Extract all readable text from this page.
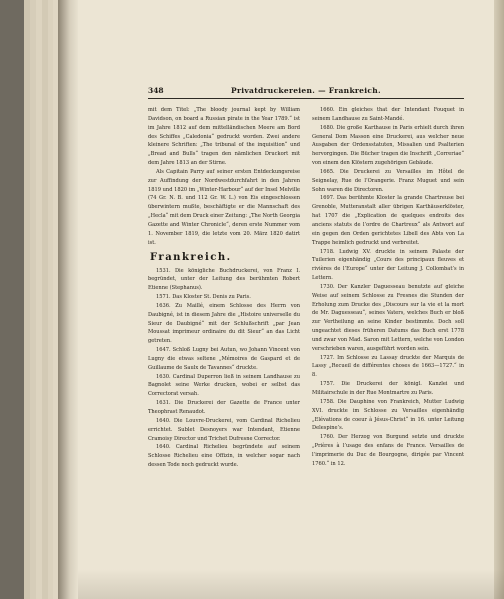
348	Privatdruckereien. — Frankreich.

mit dem Titel: „The bloody journal kept by William Davidson, on board a Russian pirate in the Year 1789.“ ist im Jahre 1812 auf dem mittelländischen Meere am Bord des Schiffes „Caledonia“ gedruckt worden. Zwei andere kleinere Schriften: „The tribunal of the inquisition“ und „Bread and Bulls“ tragen den nämlichen Druckort mit dem Jahre 1813 an der Stirne.

Als Capitain Parry auf seiner ersten Entdeckungsreise zur Auffindung der Nordwestdurchfahrt in den Jahren 1819 und 1820 im „Winter-Harbour“ auf der Insel Melville (74 Gr. N. B. und 112 Gr. W. L.) von Eis eingeschlossen überwintern mußte, beschäftigte er die Mannschaft des „Hecla“ mit dem Druck einer Zeitung: „The North Georgia Gazette and Winter Chronicle“, deren erste Nummer vom 1. November 1819, die letzte vom 20. März 1820 datirt ist.

Frankreich.

1531. Die königliche Buchdruckerei, von Franz I. begründet, unter der Leitung des berühmten Robert Etienne (Stephanus).

1571. Das Kloster St. Denis zu Paris.

1636. Zu Maillé, einem Schlosse des Herrn von Daubigné, ist in diesem Jahre die „Histoire universelle du Sieur de Daubigné“ mit der Schlußschrift „par Jean Moussat imprimeur ordinaire du dit Sieur“ an das Licht getreten.

1647. Schloß Lugny bei Autun, wo Johann Vincent von Lugny die etwas seltene „Mémoires de Gaspard et de Guillaume de Saulx de Tavannes“ druckte.

1630. Cardinal Duperron ließ in seinem Landhause zu Bagnolet seine Werke drucken, wobei er selbst das Correctorat versah.

1631. Die Druckerei der Gazette de France unter Theophrast Renaudot.

1640. Die Louvre-Druckerei, vom Cardinal Richelieu errichtet. Sublet Desnoyers war Intendant, Etienne Cramoisy Director und Trichet Dufresne Corrector.

1640. Cardinal Richelieu begründete auf seinem Schlosse Richelieu eine Offizin, in welcher sogar nach dessen Tode noch gedruckt wurde.

1660. Ein gleiches that der Intendant Fouquet in seinem Landhause zu Saint-Mandé.

1680. Die große Karthause in Paris erhielt durch ihren General Dom Masson eine Druckerei, aus welcher neue Ausgaben der Ordensstatuten, Missalien und Psalterien hervorgingen. Die Bücher tragen die Inschrift „Correriae“ von einem den Klöstern zugehörigen Gebäude.

1665. Die Druckerei zu Versailles im Hôtel de Seignelay, Rue de l’Orangerie. Franz Muguet und sein Sohn waren die Directoren.

1697. Das berühmte Kloster la grande Chartreuse bei Grenoble, Mutteranstalt aller übrigen Karthäuserklöster, hat 1707 die „Explication de quelques endroits des anciens statuts de l’ordre de Chartreux“ als Antwort auf ein gegen den Orden gerichtetes Libell des Abts von La Trappe heimlich gedruckt und verbreitet.

1718. Ludwig XV. druckte in seinem Palaste der Tuilerien eigenhändig „Cours des principaux fleuves et rivières de l’Europe“ unter der Leitung J. Collombat’s in Lettern.

1730. Der Kanzler Daguesseau benutzte auf gleiche Weise auf seinem Schlosse zu Fresnes die Stunden der Erholung zum Drucke des „Discours sur la vie et la mort de Mr. Daguesseau“, seines Vaters, welches Buch er bloß zur Vertheilung an seine Kinder bestimmte. Doch soll ungeachtet dieses früheren Datums das Buch erst 1778 und zwar von Mad. Saron mit Lettern, welche von London verschrieben waren, ausgeführt worden sein.

1727. Im Schlosse zu Lassay druckte der Marquis de Lassy „Recueil de différentes choses de 1663—1727.“ in 8.

1757. Die Druckerei der königl. Kanzlei und Militairschule in der Rue Montmartre zu Paris.

1758. Die Dauphine von Frankreich, Mutter Ludwig XVI. druckte im Schlosse zu Versailles eigenhändig „Elévations de coeur à Jésus-Christ“ in 16. unter Leitung Delespine’s.

1760. Der Herzog von Burgund setzte und druckte „Prières à l’usage des enfans de France. Versailles de l’imprimerie du Duc de Bourgogne, dirigée par Vincent 1760.“ in 12.
